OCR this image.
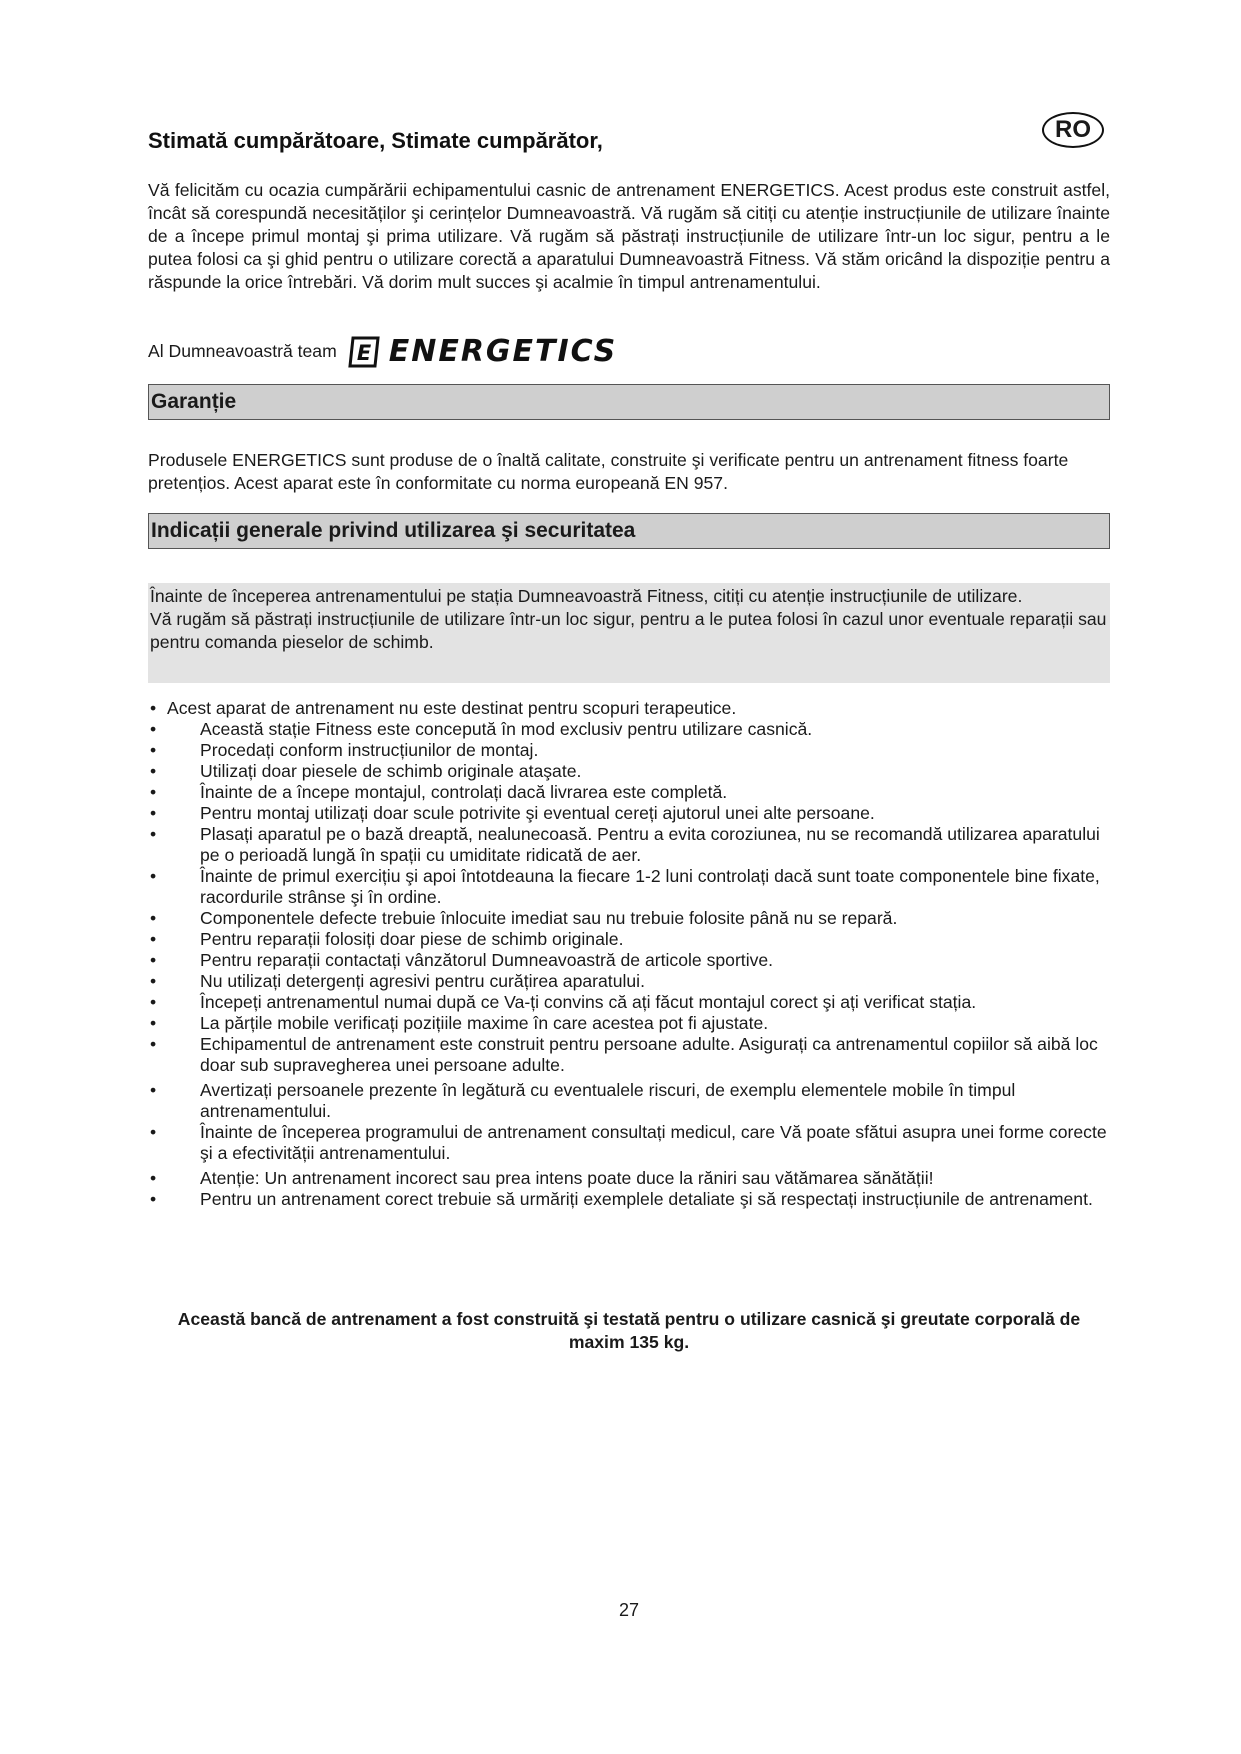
Stimată cumpărătoare, Stimate cumpărător,	RO

Vă felicităm cu ocazia cumpărării echipamentului casnic de antrenament ENERGETICS. Acest produs este construit astfel, încât să corespundă necesităților şi cerințelor Dumneavoastră. Vă rugăm să citiți cu atenție instrucțiunile de utilizare înainte de a începe primul montaj şi prima utilizare. Vă rugăm să păstrați instrucțiunile de utilizare într-un loc sigur, pentru a le putea folosi ca şi ghid pentru o utilizare corectă a aparatului Dumneavoastră Fitness. Vă stăm oricând la dispoziție pentru a răspunde la orice întrebări. Vă dorim mult succes şi acalmie în timpul antrenamentului.

Al Dumneavoastră team E ENERGETICS
Garanție

Produsele ENERGETICS sunt produse de o înaltă calitate, construite şi verificate pentru un antrenament fitness foarte pretențios. Acest aparat este în conformitate cu norma europeană EN 957.

Indicații generale privind utilizarea şi securitatea

Înainte de începerea antrenamentului pe stația Dumneavoastră Fitness, citiți cu atenție instrucțiunile de utilizare.

Vă rugăm să păstrați instrucțiunile de utilizare într-un loc sigur, pentru a le putea folosi în cazul unor eventuale reparații sau pentru comanda pieselor de schimb.

• Acest aparat de antrenament nu este destinat pentru scopuri terapeutice.
• Această stație Fitness este concepută în mod exclusiv pentru utilizare casnică.
• Procedați conform instrucțiunilor de montaj.
• Utilizați doar piesele de schimb originale ataşate.
• Înainte de a începe montajul, controlați dacă livrarea este completă.
• Pentru montaj utilizați doar scule potrivite şi eventual cereți ajutorul unei alte persoane.
• Plasați aparatul pe o bază dreaptă, nealunecoasă. Pentru a evita coroziunea, nu se recomandă utilizarea aparatului pe o perioadă lungă în spații cu umiditate ridicată de aer.
• Înainte de primul exercițiu şi apoi întotdeauna la fiecare 1-2 luni controlați dacă sunt toate componentele bine fixate, racordurile strânse şi în ordine.
• Componentele defecte trebuie înlocuite imediat sau nu trebuie folosite până nu se repară.
• Pentru reparații folosiți doar piese de schimb originale.
• Pentru reparații contactați vânzătorul Dumneavoastră de articole sportive.
• Nu utilizați detergenți agresivi pentru curățirea aparatului.
• Începeți antrenamentul numai după ce Va-ți convins că ați făcut montajul corect şi ați verificat stația.
• La părțile mobile verificați pozițiile maxime în care acestea pot fi ajustate.
• Echipamentul de antrenament este construit pentru persoane adulte. Asigurați ca antrenamentul copiilor să aibă loc doar sub supravegherea unei persoane adulte.
• Avertizați persoanele prezente în legătură cu eventualele riscuri, de exemplu elementele mobile în timpul antrenamentului.
• Înainte de începerea programului de antrenament consultați medicul, care Vă poate sfătui asupra unei forme corecte şi a efectivității antrenamentului.
• Atenție: Un antrenament incorect sau prea intens poate duce la răniri sau vătămarea sănătății!
• Pentru un antrenament corect trebuie să urmăriți exemplele detaliate şi să respectați instrucțiunile de antrenament.

Această bancă de antrenament a fost construită şi testată pentru o utilizare casnică şi greutate corporală de maxim 135 kg.

27
